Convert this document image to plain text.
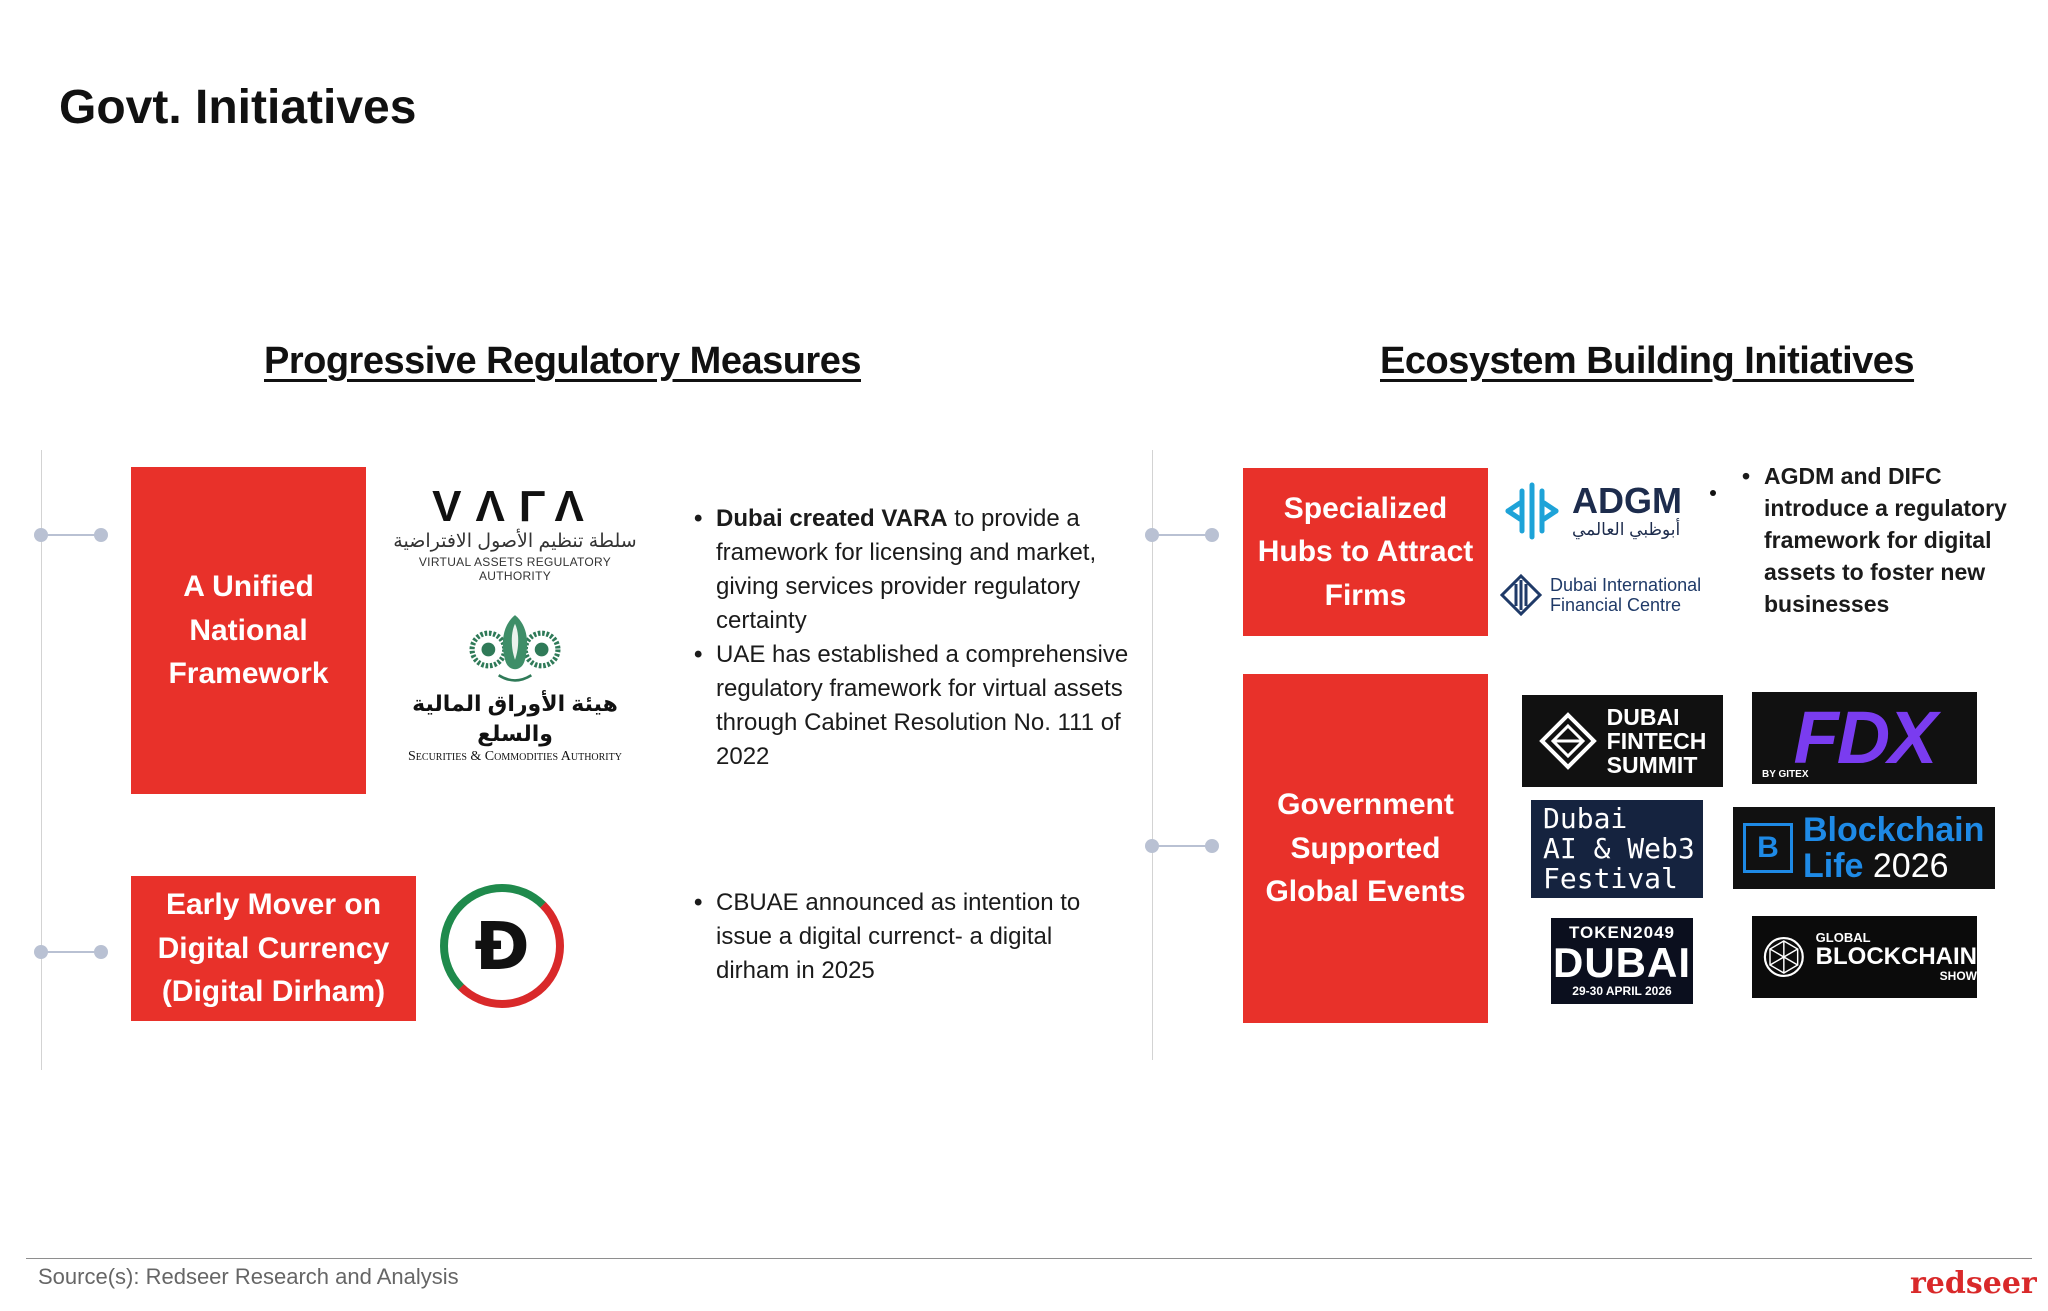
Govt. Initiatives
Progressive Regulatory Measures	Ecosystem Building Initiatives
A Unified National Framework
Early Mover on Digital Currency (Digital Dirham)
VΛΓΛ
سلطة تنظيم الأصول الافتراضية
VIRTUAL ASSETS REGULATORY AUTHORITY
هيئة الأوراق المالية والسلع
Securities & Commodities Authority
Đ
• Dubai created VARA to provide a framework for licensing and market, giving services provider regulatory certainty
• UAE has established a comprehensive regulatory framework for virtual assets through Cabinet Resolution No. 111 of 2022
• CBUAE announced as intention to issue a digital currenct- a digital dirham in 2025
Specialized Hubs to Attract Firms
Government Supported Global Events
ADGM
أبوظبي العالمي
Dubai International
Financial Centre
• AGDM and DIFC introduce a regulatory framework for digital assets to foster new businesses
DUBAI
FINTECH
SUMMIT FDX
BY GITEX
Dubai
AI & Web3
Festival
B Blockchain
Life 2026
TOKEN2049
DUBAI
29-30 APRIL 2026
GLOBAL
BLOCKCHAIN
SHOW
Source(s): Redseer Research and Analysis	redseer
